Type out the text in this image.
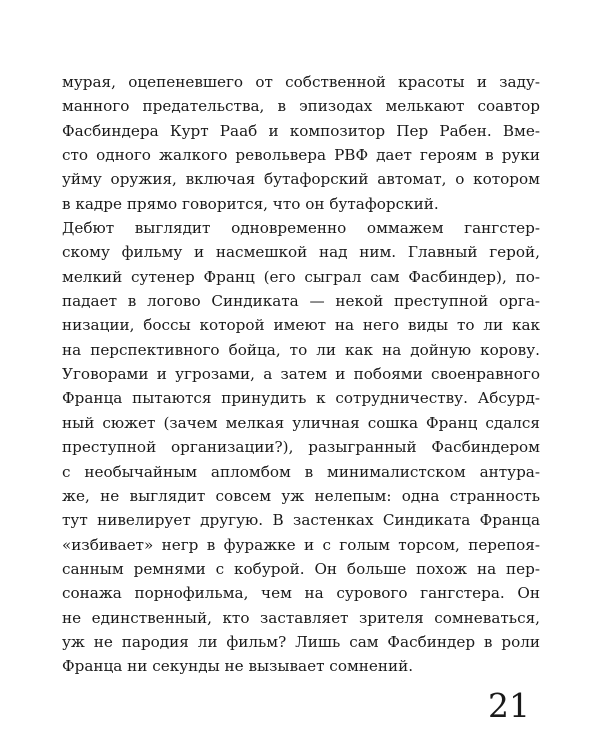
мурая, оцепеневшего от собственной красоты и заду-
манного предательства, в эпизодах мелькают соавтор
Фасбиндера Курт Рааб и композитор Пер Рабен. Вме-
сто одного жалкого револьвера РВФ дает героям в руки
уйму оружия, включая бутафорский автомат, о котором
в кадре прямо говорится, что он бутафорский.
Дебют выглядит одновременно оммажем гангстер-
скому фильму и насмешкой над ним. Главный герой,
мелкий сутенер Франц (его сыграл сам Фасбиндер), по-
падает в логово Синдиката — некой преступной орга-
низации, боссы которой имеют на него виды то ли как
на перспективного бойца, то ли как на дойную корову.
Уговорами и угрозами, а затем и побоями своенравного
Франца пытаются принудить к сотрудничеству. Абсурд-
ный сюжет (зачем мелкая уличная сошка Франц сдался
преступной организации?), разыгранный Фасбиндером
с необычайным апломбом в минималистском антура-
же, не выглядит совсем уж нелепым: одна странность
тут нивелирует другую. В застенках Синдиката Франца
«избивает» негр в фуражке и с голым торсом, перепоя-
санным ремнями с кобурой. Он больше похож на пер-
сонажа порнофильма, чем на сурового гангстера. Он
не единственный, кто заставляет зрителя сомневаться,
уж не пародия ли фильм? Лишь сам Фасбиндер в роли
Франца ни секунды не вызывает сомнений.
21
